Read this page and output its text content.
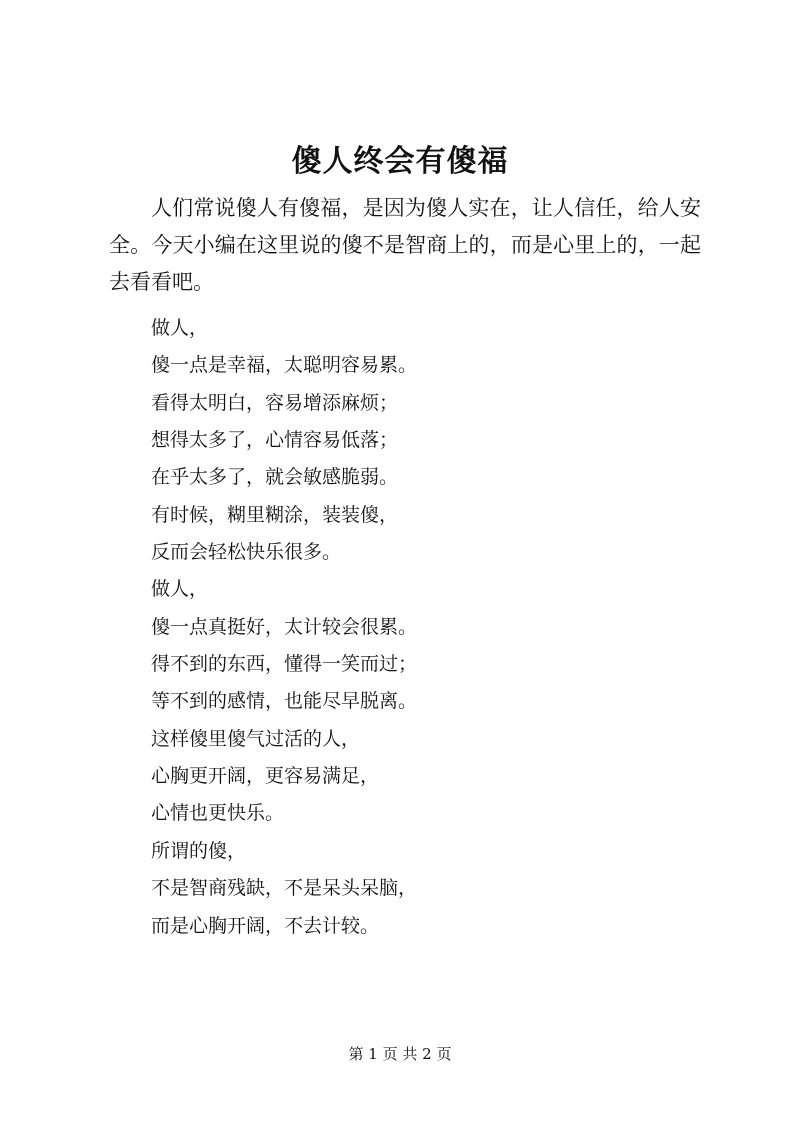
傻人终会有傻福

人们常说傻人有傻福，是因为傻人实在，让人信任，给人安全。今天小编在这里说的傻不是智商上的，而是心里上的，一起去看看吧。

做人，
傻一点是幸福，太聪明容易累。
看得太明白，容易增添麻烦；
想得太多了，心情容易低落；
在乎太多了，就会敏感脆弱。
有时候，糊里糊涂，装装傻，
反而会轻松快乐很多。
做人，
傻一点真挺好，太计较会很累。
得不到的东西，懂得一笑而过；
等不到的感情，也能尽早脱离。
这样傻里傻气过活的人，
心胸更开阔，更容易满足，
心情也更快乐。
所谓的傻，
不是智商残缺，不是呆头呆脑，
而是心胸开阔，不去计较。
第 1 页 共 2 页
